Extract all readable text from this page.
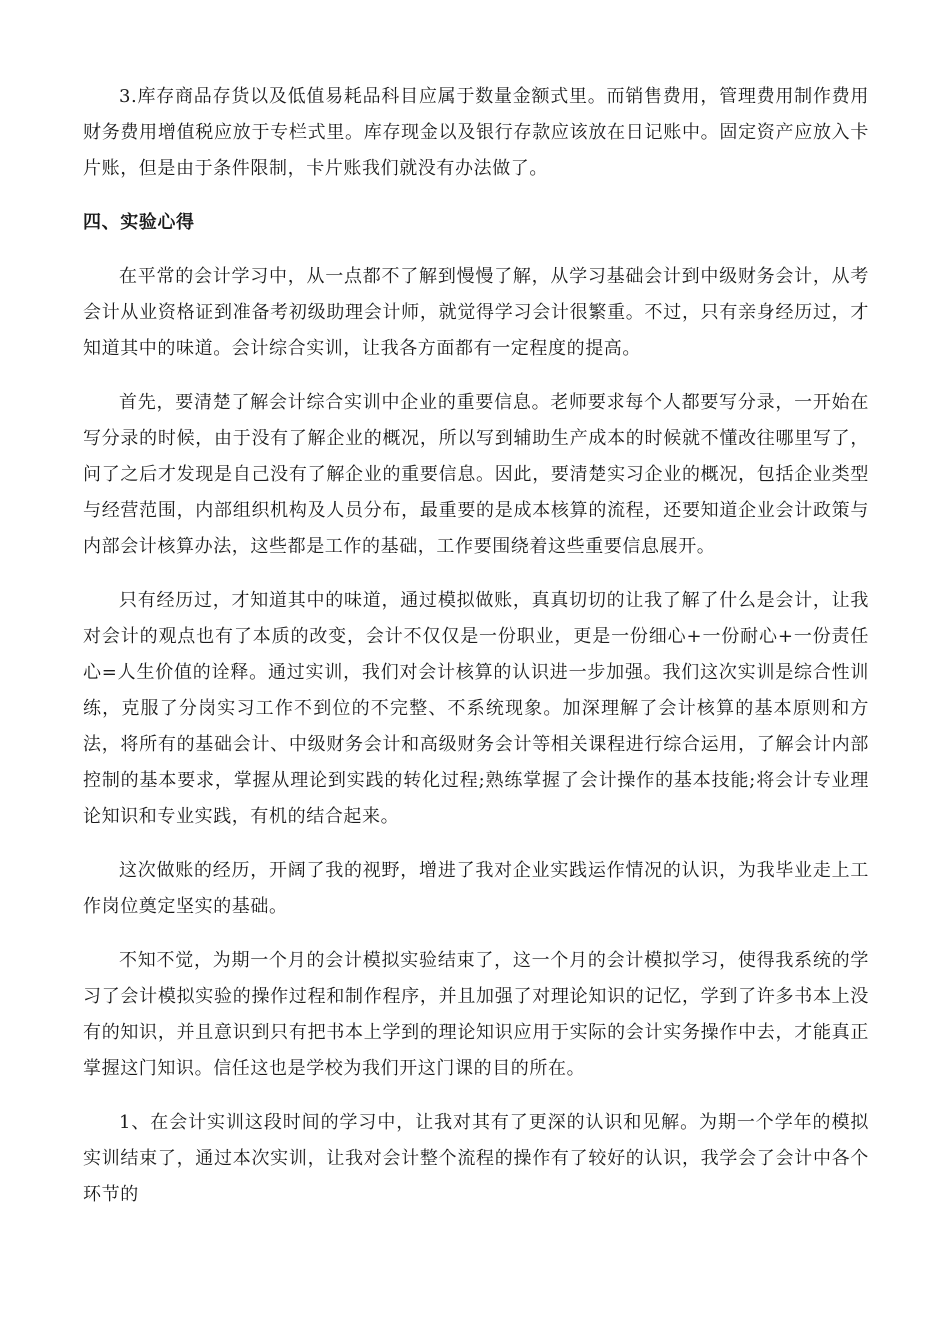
3.库存商品存货以及低值易耗品科目应属于数量金额式里。而销售费用，管理费用制作费用财务费用增值税应放于专栏式里。库存现金以及银行存款应该放在日记账中。固定资产应放入卡片账，但是由于条件限制，卡片账我们就没有办法做了。

四、实验心得

在平常的会计学习中，从一点都不了解到慢慢了解，从学习基础会计到中级财务会计，从考会计从业资格证到准备考初级助理会计师，就觉得学习会计很繁重。不过，只有亲身经历过，才知道其中的味道。会计综合实训，让我各方面都有一定程度的提高。

首先，要清楚了解会计综合实训中企业的重要信息。老师要求每个人都要写分录，一开始在写分录的时候，由于没有了解企业的概况，所以写到辅助生产成本的时候就不懂改往哪里写了，问了之后才发现是自己没有了解企业的重要信息。因此，要清楚实习企业的概况，包括企业类型与经营范围，内部组织机构及人员分布，最重要的是成本核算的流程，还要知道企业会计政策与内部会计核算办法，这些都是工作的基础，工作要围绕着这些重要信息展开。

只有经历过，才知道其中的味道，通过模拟做账，真真切切的让我了解了什么是会计，让我对会计的观点也有了本质的改变，会计不仅仅是一份职业，更是一份细心+一份耐心+一份责任心=人生价值的诠释。通过实训，我们对会计核算的认识进一步加强。我们这次实训是综合性训练，克服了分岗实习工作不到位的不完整、不系统现象。加深理解了会计核算的基本原则和方法，将所有的基础会计、中级财务会计和高级财务会计等相关课程进行综合运用，了解会计内部控制的基本要求，掌握从理论到实践的转化过程;熟练掌握了会计操作的基本技能;将会计专业理论知识和专业实践，有机的结合起来。

这次做账的经历，开阔了我的视野，增进了我对企业实践运作情况的认识，为我毕业走上工作岗位奠定坚实的基础。

不知不觉，为期一个月的会计模拟实验结束了，这一个月的会计模拟学习，使得我系统的学习了会计模拟实验的操作过程和制作程序，并且加强了对理论知识的记忆，学到了许多书本上没有的知识，并且意识到只有把书本上学到的理论知识应用于实际的会计实务操作中去，才能真正掌握这门知识。信任这也是学校为我们开这门课的目的所在。

1、在会计实训这段时间的学习中，让我对其有了更深的认识和见解。为期一个学年的模拟实训结束了，通过本次实训，让我对会计整个流程的操作有了较好的认识，我学会了会计中各个环节的
